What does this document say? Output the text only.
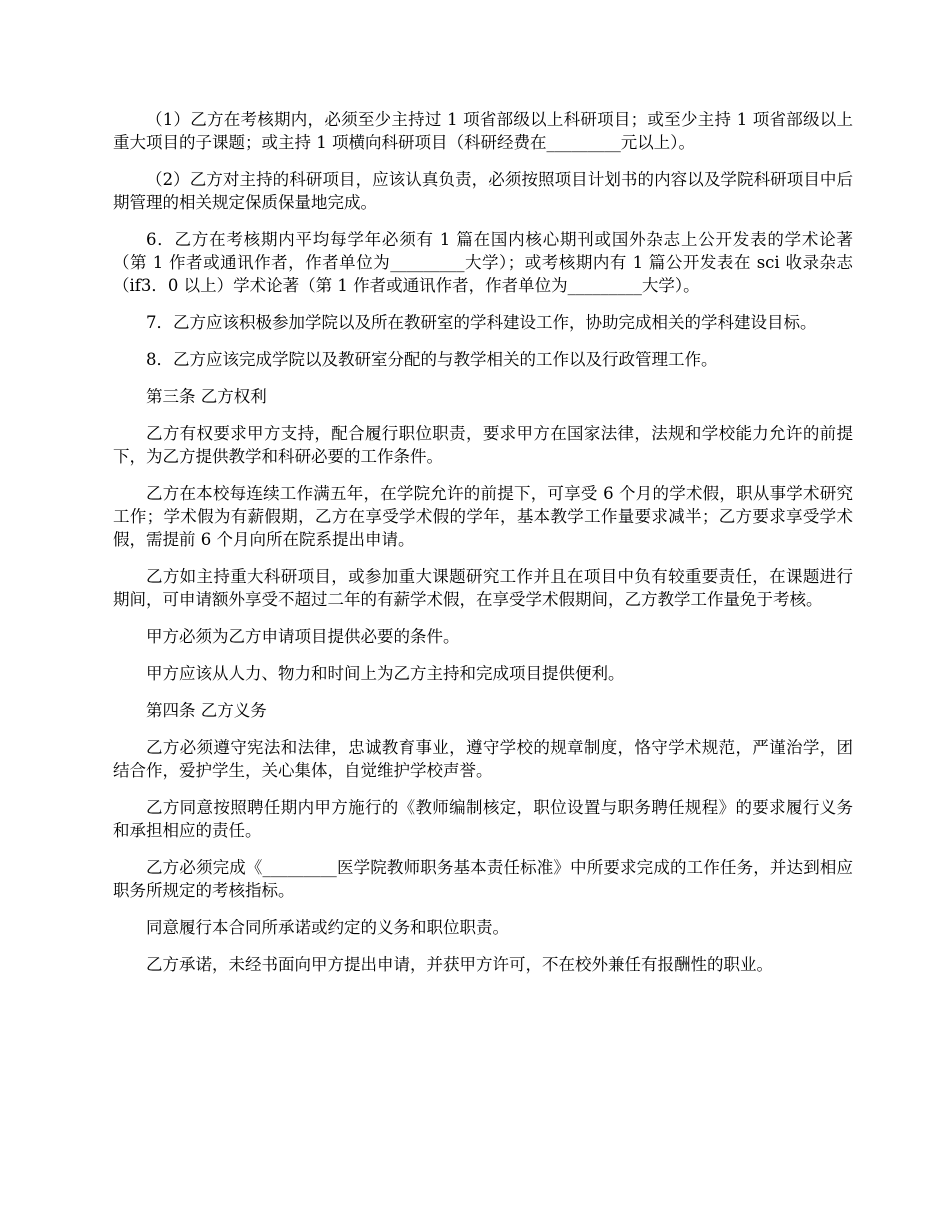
（1）乙方在考核期内，必须至少主持过 1 项省部级以上科研项目；或至少主持 1 项省部级以上重大项目的子课题；或主持 1 项横向科研项目（科研经费在_________元以上）。

（2）乙方对主持的科研项目，应该认真负责，必须按照项目计划书的内容以及学院科研项目中后期管理的相关规定保质保量地完成。

6．乙方在考核期内平均每学年必须有 1 篇在国内核心期刊或国外杂志上公开发表的学术论著（第 1 作者或通讯作者，作者单位为_________大学）；或考核期内有 1 篇公开发表在 sci 收录杂志（if3．0 以上）学术论著（第 1 作者或通讯作者，作者单位为_________大学）。

7．乙方应该积极参加学院以及所在教研室的学科建设工作，协助完成相关的学科建设目标。

8．乙方应该完成学院以及教研室分配的与教学相关的工作以及行政管理工作。

第三条 乙方权利

乙方有权要求甲方支持，配合履行职位职责，要求甲方在国家法律，法规和学校能力允许的前提下，为乙方提供教学和科研必要的工作条件。

乙方在本校每连续工作满五年，在学院允许的前提下，可享受 6 个月的学术假，职从事学术研究工作；学术假为有薪假期，乙方在享受学术假的学年，基本教学工作量要求减半；乙方要求享受学术假，需提前 6 个月向所在院系提出申请。

乙方如主持重大科研项目，或参加重大课题研究工作并且在项目中负有较重要责任，在课题进行期间，可申请额外享受不超过二年的有薪学术假，在享受学术假期间，乙方教学工作量免于考核。

甲方必须为乙方申请项目提供必要的条件。

甲方应该从人力、物力和时间上为乙方主持和完成项目提供便利。

第四条 乙方义务

乙方必须遵守宪法和法律，忠诚教育事业，遵守学校的规章制度，恪守学术规范，严谨治学，团结合作，爱护学生，关心集体，自觉维护学校声誉。

乙方同意按照聘任期内甲方施行的《教师编制核定，职位设置与职务聘任规程》的要求履行义务和承担相应的责任。

乙方必须完成《_________医学院教师职务基本责任标准》中所要求完成的工作任务，并达到相应职务所规定的考核指标。

同意履行本合同所承诺或约定的义务和职位职责。

乙方承诺，未经书面向甲方提出申请，并获甲方许可，不在校外兼任有报酬性的职业。
